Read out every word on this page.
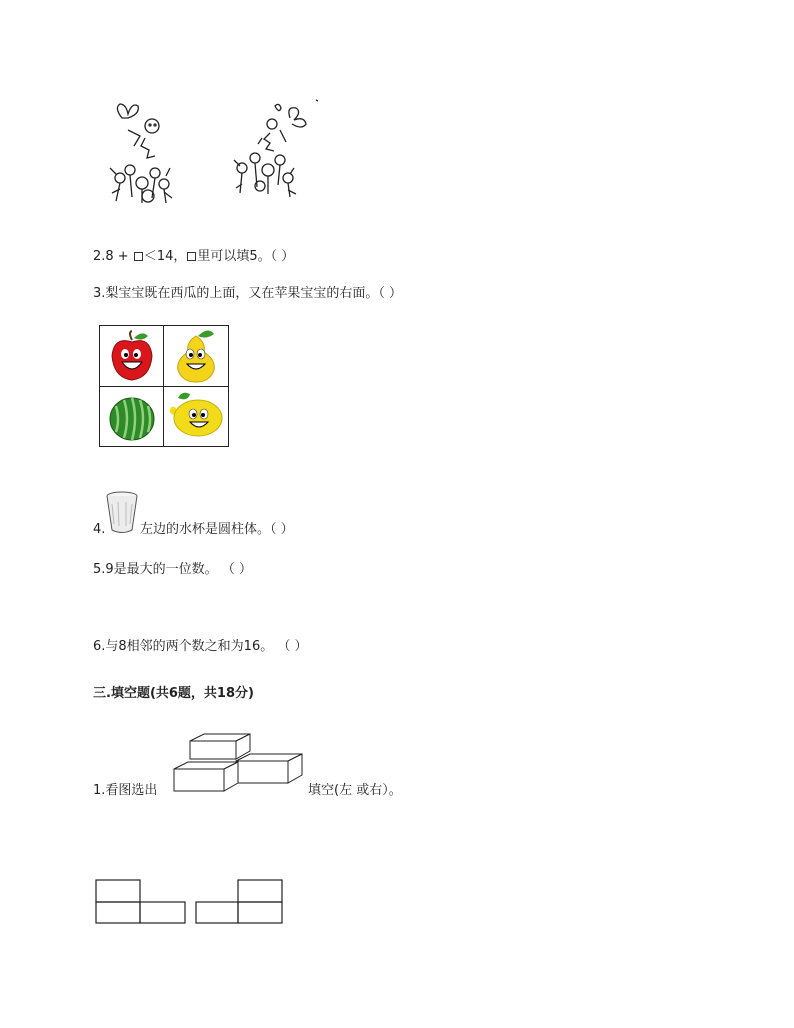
2.8 + ＜14， 里可以填5。（ ）
3.梨宝宝既在西瓜的上面，又在苹果宝宝的右面。（ ）
4.	左边的水杯是圆柱体。（ ）
5.9是最大的一位数。 （ ）
6.与8相邻的两个数之和为16。 （ ）
三.填空题(共6题，共18分)
1.看图选出	填空(左 或右）。
